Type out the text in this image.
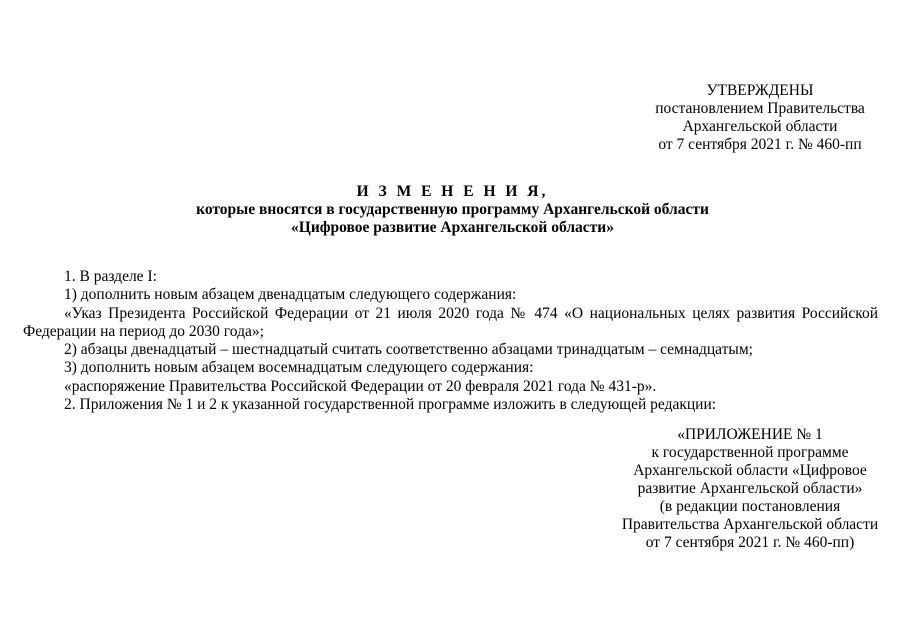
УТВЕРЖДЕНЫ
постановлением Правительства
Архангельской области
от 7 сентября 2021 г. № 460-пп
И З М Е Н Е Н И Я,
которые вносятся в государственную программу Архангельской области
«Цифровое развитие Архангельской области»
1. В разделе I:
1) дополнить новым абзацем двенадцатым следующего содержания:
«Указ Президента Российской Федерации от 21 июля 2020 года № 474 «О национальных целях развития Российской
Федерации на период до 2030 года»;
2) абзацы двенадцатый – шестнадцатый считать соответственно абзацами тринадцатым – семнадцатым;
3) дополнить новым абзацем восемнадцатым следующего содержания:
«распоряжение Правительства Российской Федерации от 20 февраля 2021 года № 431-р».
2. Приложения № 1 и 2 к указанной государственной программе изложить в следующей редакции:
«ПРИЛОЖЕНИЕ № 1
к государственной программе
Архангельской области «Цифровое
развитие Архангельской области»
(в редакции постановления
Правительства Архангельской области
от 7 сентября 2021 г. № 460-пп)
